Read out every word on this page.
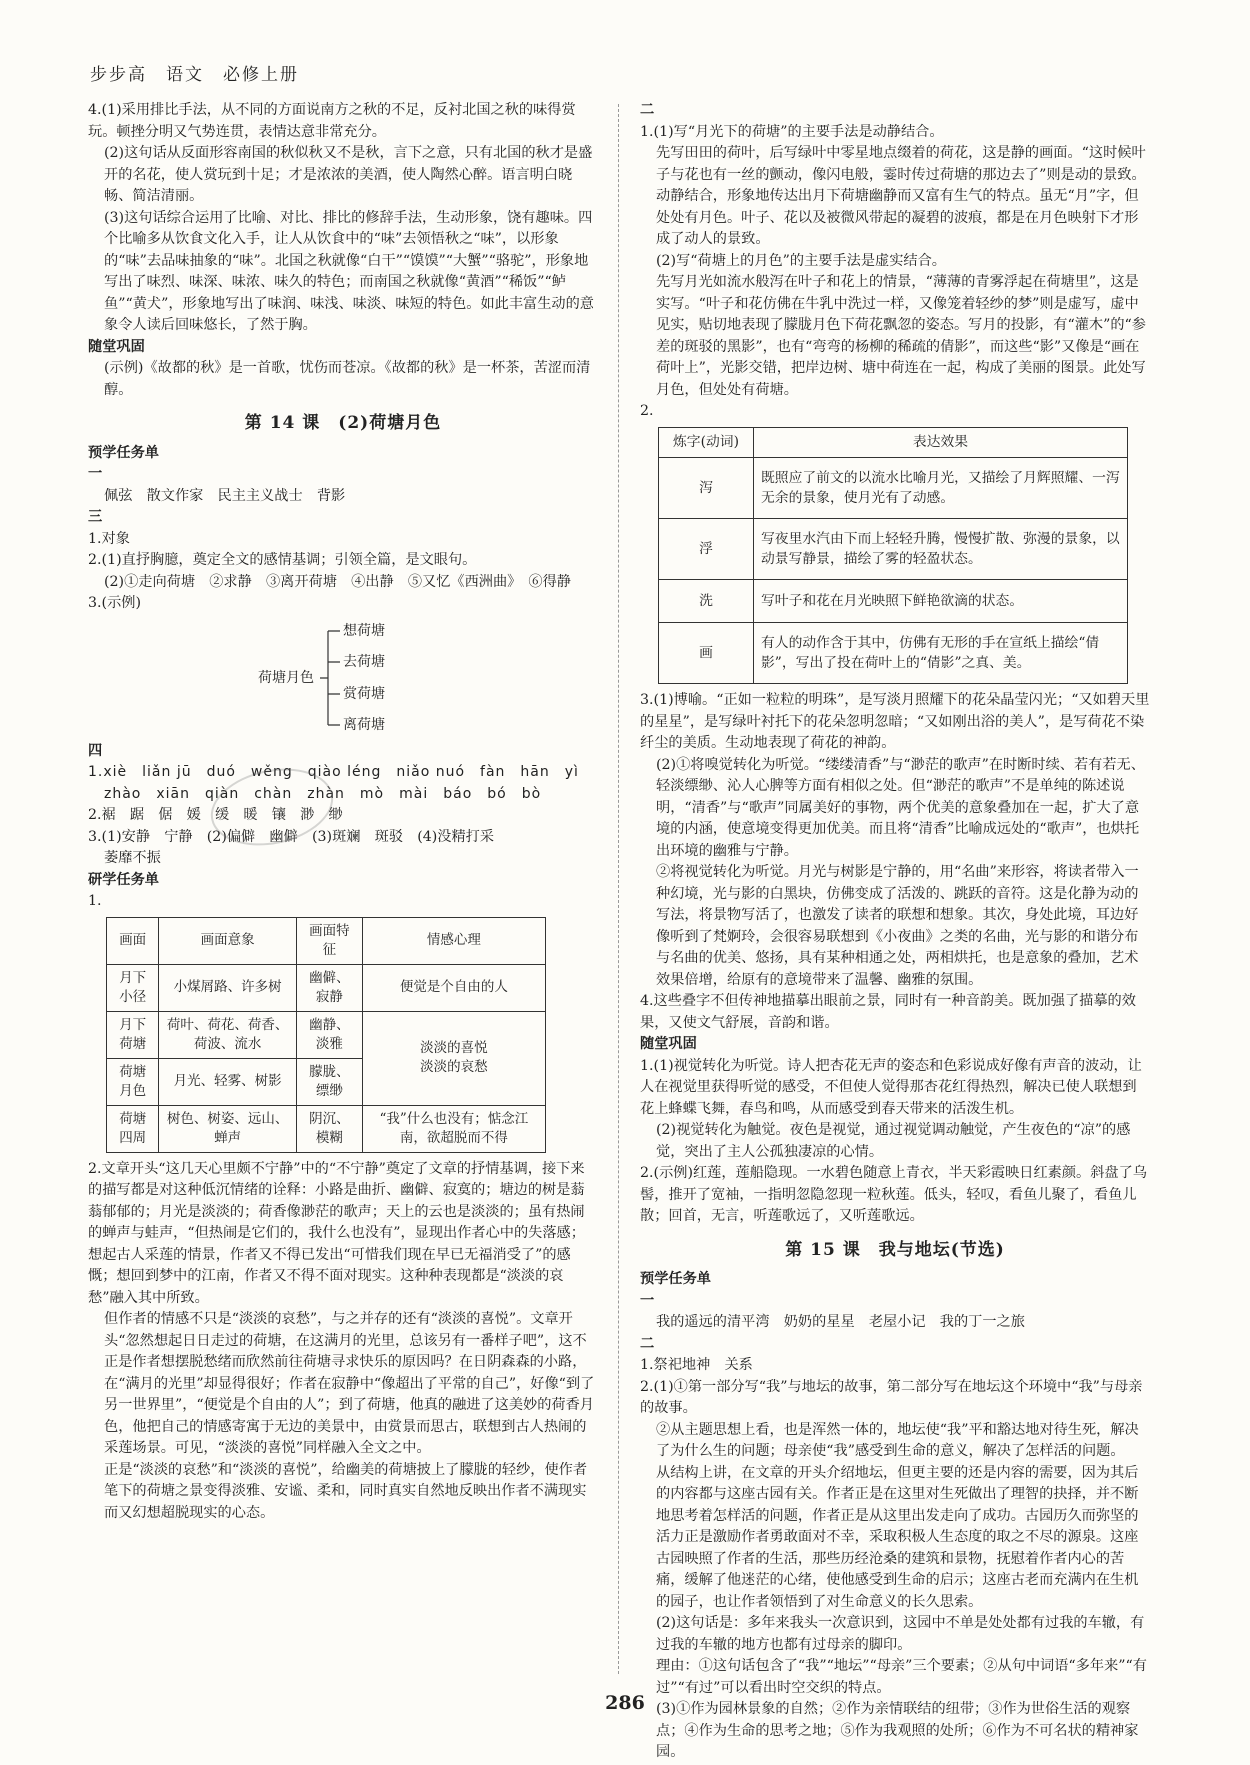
步步高　语文　必修上册

4.(1)采用排比手法，从不同的方面说南方之秋的不足，反衬北国之秋的味得赏玩。顿挫分明又气势连贯，表情达意非常充分。

(2)这句话从反面形容南国的秋似秋又不是秋，言下之意，只有北国的秋才是盛开的名花，使人赏玩到十足；才是浓浓的美酒，使人陶然心醉。语言明白晓畅、简洁清丽。

(3)这句话综合运用了比喻、对比、排比的修辞手法，生动形象，饶有趣味。四个比喻多从饮食文化入手，让人从饮食中的“味”去领悟秋之“味”，以形象的“味”去品味抽象的“味”。北国之秋就像“白干”“馍馍”“大蟹”“骆驼”，形象地写出了味烈、味深、味浓、味久的特色；而南国之秋就像“黄酒”“稀饭”“鲈鱼”“黄犬”，形象地写出了味润、味浅、味淡、味短的特色。如此丰富生动的意象令人读后回味悠长，了然于胸。

随堂巩固

(示例)《故都的秋》是一首歌，忧伤而苍凉。《故都的秋》是一杯茶，苦涩而清醇。

第 14 课　(2)荷塘月色

预学任务单

一

佩弦　散文作家　民主主义战士　背影

三

1.对象

2.(1)直抒胸臆，奠定全文的感情基调；引领全篇，是文眼句。

(2)①走向荷塘　②求静　③离开荷塘　④出静　⑤又忆《西洲曲》　⑥得静

3.(示例)

荷塘月色
想荷塘
去荷塘
赏荷塘
离荷塘

四

1.xiè　liǎn jū　duó　wěng　qiào léng　niǎo nuó　fàn　hān　yì

zhào　xiān　qiàn　chàn　zhàn　mò　mài　báo　bó　bò

2.裾　踞　倨　媛　缓　暖　镶　渺　缈

3.(1)安静　宁静　(2)偏僻　幽僻　(3)斑斓　斑驳　(4)没精打采

萎靡不振

研学任务单

1.

画面	画面意象	画面特征	情感心理
月下小径	小煤屑路、许多树	幽僻、寂静	便觉是个自由的人
月下荷塘	荷叶、荷花、荷香、荷波、流水	幽静、淡雅	淡淡的喜悦
淡淡的哀愁
荷塘月色	月光、轻雾、树影	朦胧、缥缈	
荷塘四周	树色、树姿、远山、蝉声	阴沉、模糊	“我”什么也没有；惦念江南，欲超脱而不得

2.文章开头“这几天心里颇不宁静”中的“不宁静”奠定了文章的抒情基调，接下来的描写都是对这种低沉情绪的诠释：小路是曲折、幽僻、寂寞的；塘边的树是蓊蓊郁郁的；月光是淡淡的；荷香像渺茫的歌声；天上的云也是淡淡的；虽有热闹的蝉声与蛙声，“但热闹是它们的，我什么也没有”，显现出作者心中的失落感；想起古人采莲的情景，作者又不得已发出“可惜我们现在早已无福消受了”的感慨；想回到梦中的江南，作者又不得不面对现实。这种种表现都是“淡淡的哀愁”融入其中所致。

但作者的情感不只是“淡淡的哀愁”，与之并存的还有“淡淡的喜悦”。文章开头“忽然想起日日走过的荷塘，在这满月的光里，总该另有一番样子吧”，这不正是作者想摆脱愁绪而欣然前往荷塘寻求快乐的原因吗？在日阴森森的小路，在“满月的光里”却显得很好；作者在寂静中“像超出了平常的自己”，好像“到了另一世界里”，“便觉是个自由的人”；到了荷塘，他真的融进了这美妙的荷香月色，他把自己的情感寄寓于无边的美景中，由赏景而思古，联想到古人热闹的采莲场景。可见，“淡淡的喜悦”同样融入全文之中。

正是“淡淡的哀愁”和“淡淡的喜悦”，给幽美的荷塘披上了朦胧的轻纱，使作者笔下的荷塘之景变得淡雅、安谧、柔和，同时真实自然地反映出作者不满现实而又幻想超脱现实的心态。

二

1.(1)写“月光下的荷塘”的主要手法是动静结合。

先写田田的荷叶，后写绿叶中零星地点缀着的荷花，这是静的画面。“这时候叶子与花也有一丝的颤动，像闪电般，霎时传过荷塘的那边去了”则是动的景致。动静结合，形象地传达出月下荷塘幽静而又富有生气的特点。虽无“月”字，但处处有月色。叶子、花以及被微风带起的凝碧的波痕，都是在月色映射下才形成了动人的景致。

(2)写“荷塘上的月色”的主要手法是虚实结合。

先写月光如流水般泻在叶子和花上的情景，“薄薄的青雾浮起在荷塘里”，这是实写。“叶子和花仿佛在牛乳中洗过一样，又像笼着轻纱的梦”则是虚写，虚中见实，贴切地表现了朦胧月色下荷花飘忽的姿态。写月的投影，有“灌木”的“参差的斑驳的黑影”，也有“弯弯的杨柳的稀疏的倩影”，而这些“影”又像是“画在荷叶上”，光影交错，把岸边树、塘中荷连在一起，构成了美丽的图景。此处写月色，但处处有荷塘。

2.

炼字(动词)	表达效果
泻	既照应了前文的以流水比喻月光，又描绘了月辉照耀、一泻无余的景象，使月光有了动感。
浮	写夜里水汽由下而上轻轻升腾，慢慢扩散、弥漫的景象，以动景写静景，描绘了雾的轻盈状态。
洗	写叶子和花在月光映照下鲜艳欲滴的状态。
画	有人的动作含于其中，仿佛有无形的手在宣纸上描绘“倩影”，写出了投在荷叶上的“倩影”之真、美。

3.(1)博喻。“正如一粒粒的明珠”，是写淡月照耀下的花朵晶莹闪光；“又如碧天里的星星”，是写绿叶衬托下的花朵忽明忽暗；“又如刚出浴的美人”，是写荷花不染纤尘的美质。生动地表现了荷花的神韵。

(2)①将嗅觉转化为听觉。“缕缕清香”与“渺茫的歌声”在时断时续、若有若无、轻淡缥缈、沁人心脾等方面有相似之处。但“渺茫的歌声”不是单纯的陈述说明，“清香”与“歌声”同属美好的事物，两个优美的意象叠加在一起，扩大了意境的内涵，使意境变得更加优美。而且将“清香”比喻成远处的“歌声”，也烘托出环境的幽雅与宁静。

②将视觉转化为听觉。月光与树影是宁静的，用“名曲”来形容，将读者带入一种幻境，光与影的白黑块，仿佛变成了活泼的、跳跃的音符。这是化静为动的写法，将景物写活了，也激发了读者的联想和想象。其次，身处此境，耳边好像听到了梵婀玲，会很容易联想到《小夜曲》之类的名曲，光与影的和谐分布与名曲的优美、悠扬，具有某种相通之处，两相烘托，也是意象的叠加，艺术效果倍增，给原有的意境带来了温馨、幽雅的氛围。

4.这些叠字不但传神地描摹出眼前之景，同时有一种音韵美。既加强了描摹的效果，又使文气舒展，音韵和谐。

随堂巩固

1.(1)视觉转化为听觉。诗人把杏花无声的姿态和色彩说成好像有声音的波动，让人在视觉里获得听觉的感受，不但使人觉得那杏花红得热烈，解决已使人联想到花上蜂蝶飞舞，春鸟和鸣，从而感受到春天带来的活泼生机。

(2)视觉转化为触觉。夜色是视觉，通过视觉调动触觉，产生夜色的“凉”的感觉，突出了主人公孤独凄凉的心情。

2.(示例)红莲，莲船隐现。一水碧色随意上青衣，半天彩霞映日红素颜。斜盘了乌髻，推开了宽袖，一指明忽隐忽现一粒秋莲。低头，轻叹，看鱼儿聚了，看鱼儿散；回首，无言，听莲歌远了，又听莲歌远。

第 15 课　我与地坛(节选)

预学任务单

一

我的遥远的清平湾　奶奶的星星　老屋小记　我的丁一之旅

二

1.祭祀地神　关系

2.(1)①第一部分写“我”与地坛的故事，第二部分写在地坛这个环境中“我”与母亲的故事。

②从主题思想上看，也是浑然一体的，地坛使“我”平和豁达地对待生死，解决了为什么生的问题；母亲使“我”感受到生命的意义，解决了怎样活的问题。

从结构上讲，在文章的开头介绍地坛，但更主要的还是内容的需要，因为其后的内容都与这座古园有关。作者正是在这里对生死做出了理智的抉择，并不断地思考着怎样活的问题，作者正是从这里出发走向了成功。古园历久而弥坚的活力正是激励作者勇敢面对不幸，采取积极人生态度的取之不尽的源泉。这座古园映照了作者的生活，那些历经沧桑的建筑和景物，抚慰着作者内心的苦痛，缓解了他迷茫的心绪，使他感受到生命的启示；这座古老而充满内在生机的园子，也让作者领悟到了对生命意义的长久思索。

(2)这句话是：多年来我头一次意识到，这园中不单是处处都有过我的车辙，有过我的车辙的地方也都有过母亲的脚印。

理由：①这句话包含了“我”“地坛”“母亲”三个要素；②从句中词语“多年来”“有过”“有过”可以看出时空交织的特点。

(3)①作为园林景象的自然；②作为亲情联结的纽带；③作为世俗生活的观察点；④作为生命的思考之地；⑤作为我观照的处所；⑥作为不可名状的精神家园。

286
